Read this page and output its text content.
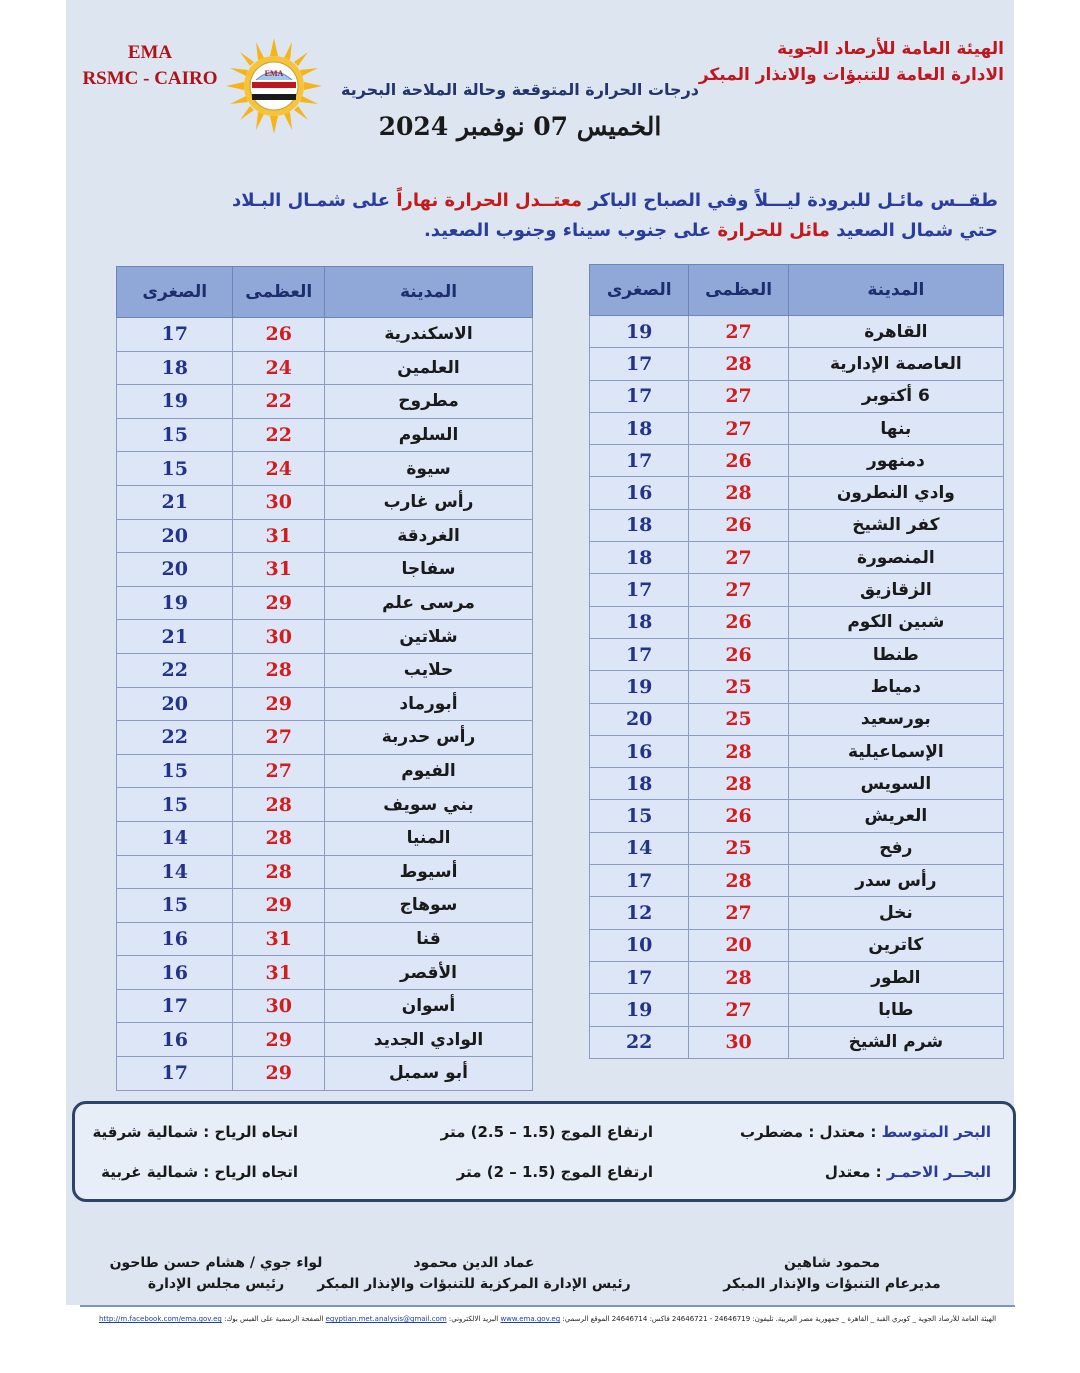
EMA
RSMC - CAIRO	EMA
الهيئة العامة للأرصاد الجوية
الادارة العامة للتنبؤات والانذار المبكر
درجات الحرارة المتوقعة وحالة الملاحة البحرية
الخميس 07 نوفمبر 2024
طقــس مائـل للبرودة ليـــلاً وفي الصباح الباكر معتــدل الحرارة نهاراً على شمـال البـلاد حتي شمال الصعيد مائل للحرارة على جنوب سيناء وجنوب الصعيد.
المدينة	العظمى	الصغرى
القاهرة	27	19
العاصمة الإدارية	28	17
6 أكتوبر	27	17
بنها	27	18
دمنهور	26	17
وادي النطرون	28	16
كفر الشيخ	26	18
المنصورة	27	18
الزقازيق	27	17
شبين الكوم	26	18
طنطا	26	17
دمياط	25	19
بورسعيد	25	20
الإسماعيلية	28	16
السويس	28	18
العريش	26	15
رفح	25	14
رأس سدر	28	17
نخل	27	12
كاترين	20	10
الطور	28	17
طابا	27	19
شرم الشيخ	30	22
المدينة	العظمى	الصغرى
الاسكندرية	26	17
العلمين	24	18
مطروح	22	19
السلوم	22	15
سيوة	24	15
رأس غارب	30	21
الغردقة	31	20
سفاجا	31	20
مرسى علم	29	19
شلاتين	30	21
حلايب	28	22
أبورماد	29	20
رأس حدربة	27	22
الفيوم	27	15
بني سويف	28	15
المنيا	28	14
أسيوط	28	14
سوهاج	29	15
قنا	31	16
الأقصر	31	16
أسوان	30	17
الوادي الجديد	29	16
أبو سمبل	29	17
البحر المتوسط : معتدل : مضطرب
ارتفاع الموج (1.5 – 2.5) متر
اتجاه الرياح : شمالية شرقية
البحــر الاحمـر : معتدل
ارتفاع الموج (1.5 – 2) متر
اتجاه الرياح : شمالية غربية
محمود شاهين
مديرعام التنبؤات والإنذار المبكر
عماد الدين محمود
رئيس الإدارة المركزية للتنبؤات والإنذار المبكر
لواء جوي / هشام حسن طاحون
رئيس مجلس الإدارة
الهيئة العامة للأرصاد الجوية _ كوبري القبة _ القاهرة _ جمهورية مصر العربية. تليفون: 24646719 - 24646721 فاكس: 24646714 الموقع الرسمي: www.ema.gov.eg البريد الالكتروني: egyptian.met.analysis@gmail.com الصفحة الرسمية على الفيس بوك: http://m.facebook.com/ema.gov.eg
